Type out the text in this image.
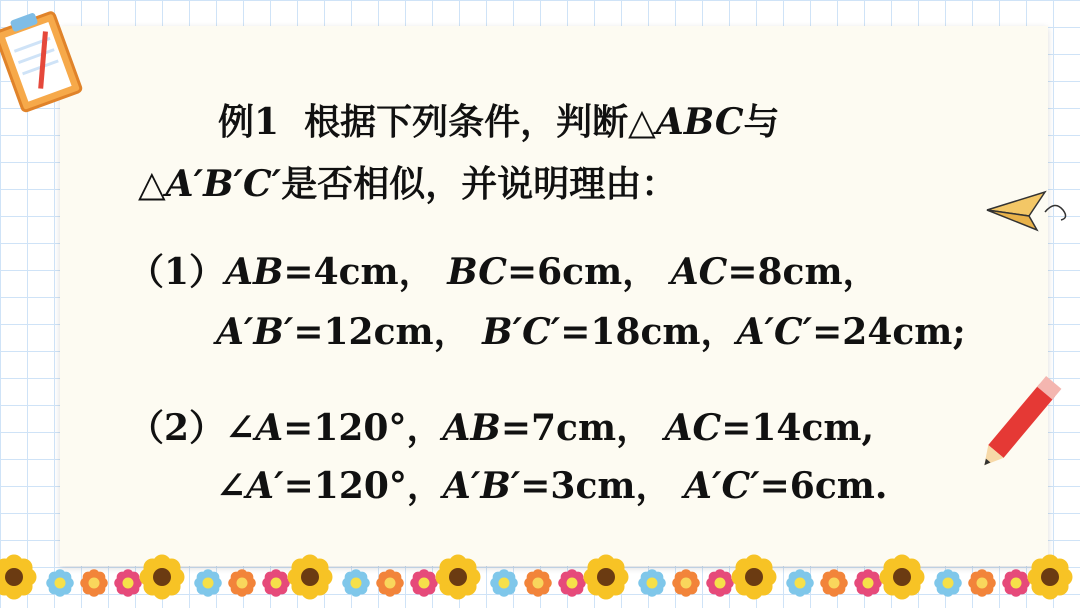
例1 根据下列条件，判断△ABC与
△A′B′C′是否相似，并说明理由：
（1）AB=4cm， BC=6cm， AC=8cm，
A′B′=12cm， B′C′=18cm，A′C′=24cm;
（2）∠A=120°，AB=7cm， AC=14cm,
∠A′=120°，A′B′=3cm， A′C′=6cm.
